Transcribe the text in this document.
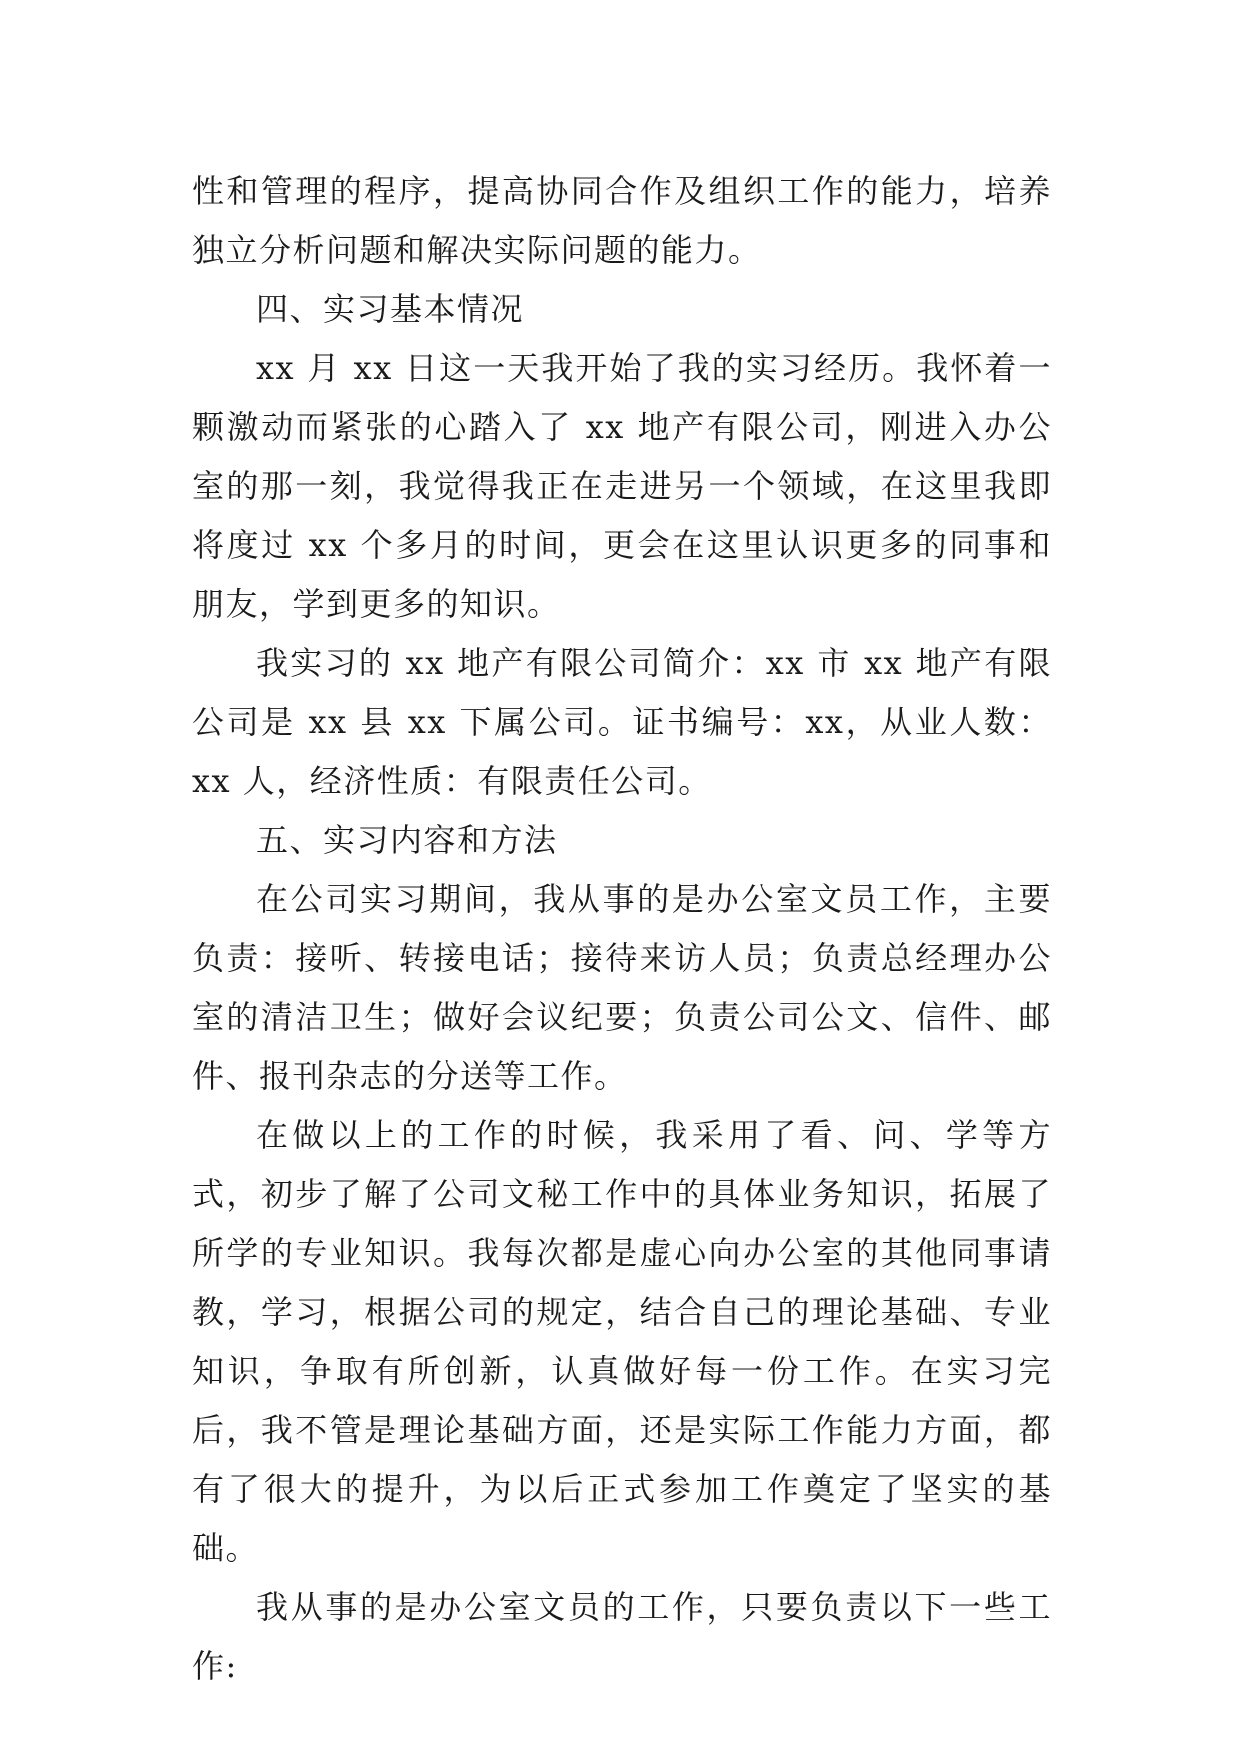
性和管理的程序，提高协同合作及组织工作的能力，培养独立分析问题和解决实际问题的能力。

四、实习基本情况

xx 月 xx 日这一天我开始了我的实习经历。我怀着一颗激动而紧张的心踏入了 xx 地产有限公司，刚进入办公室的那一刻，我觉得我正在走进另一个领域，在这里我即将度过 xx 个多月的时间，更会在这里认识更多的同事和朋友，学到更多的知识。

我实习的 xx 地产有限公司简介：xx 市 xx 地产有限公司是 xx 县 xx 下属公司。证书编号：xx，从业人数：xx 人，经济性质：有限责任公司。

五、实习内容和方法

在公司实习期间，我从事的是办公室文员工作，主要负责：接听、转接电话；接待来访人员；负责总经理办公室的清洁卫生；做好会议纪要；负责公司公文、信件、邮件、报刊杂志的分送等工作。

在做以上的工作的时候，我采用了看、问、学等方式，初步了解了公司文秘工作中的具体业务知识，拓展了所学的专业知识。我每次都是虚心向办公室的其他同事请教，学习，根据公司的规定，结合自己的理论基础、专业知识，争取有所创新，认真做好每一份工作。在实习完后，我不管是理论基础方面，还是实际工作能力方面，都有了很大的提升，为以后正式参加工作奠定了坚实的基础。

我从事的是办公室文员的工作，只要负责以下一些工作:
